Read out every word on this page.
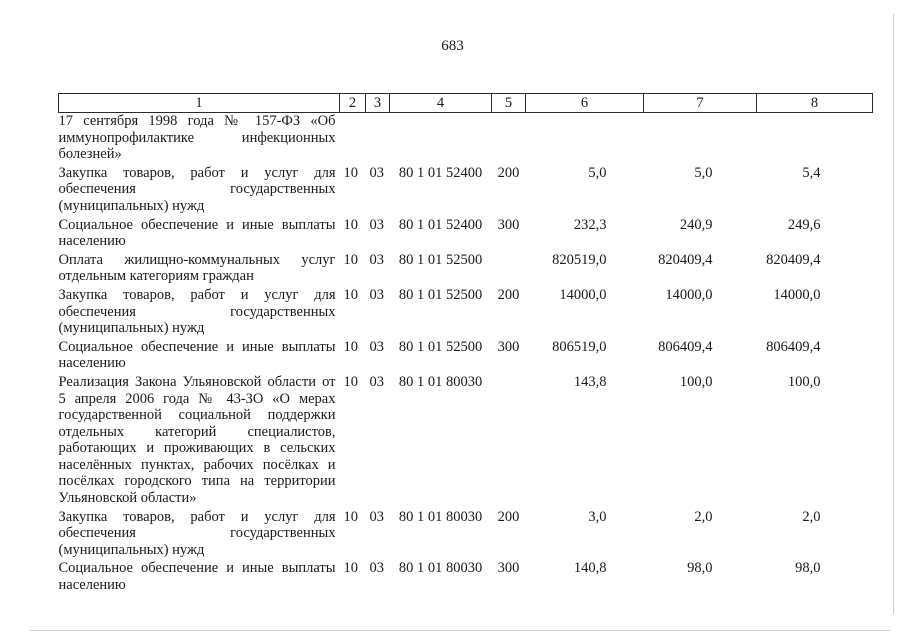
683
1	2	3	4	5	6	7	8
17 сентября 1998 года № 157-ФЗ «Об иммунопрофилактике инфекционных болезней»							
Закупка товаров, работ и услуг для обеспечения государственных (муниципальных) нужд	10	03	80 1 01 52400	200	5,0	5,0	5,4
Социальное обеспечение и иные выплаты населению	10	03	80 1 01 52400	300	232,3	240,9	249,6
Оплата жилищно-коммунальных услуг отдельным категориям граждан	10	03	80 1 01 52500		820519,0	820409,4	820409,4
Закупка товаров, работ и услуг для обеспечения государственных (муниципальных) нужд	10	03	80 1 01 52500	200	14000,0	14000,0	14000,0
Социальное обеспечение и иные выплаты населению	10	03	80 1 01 52500	300	806519,0	806409,4	806409,4
Реализация Закона Ульяновской области от 5 апреля 2006 года № 43-ЗО «О мерах государственной социальной поддержки отдельных категорий специалистов, работающих и проживающих в сельских населённых пунктах, рабочих посёлках и посёлках городского типа на территории Ульяновской области»	10	03	80 1 01 80030		143,8	100,0	100,0
Закупка товаров, работ и услуг для обеспечения государственных (муниципальных) нужд	10	03	80 1 01 80030	200	3,0	2,0	2,0
Социальное обеспечение и иные выплаты населению	10	03	80 1 01 80030	300	140,8	98,0	98,0
